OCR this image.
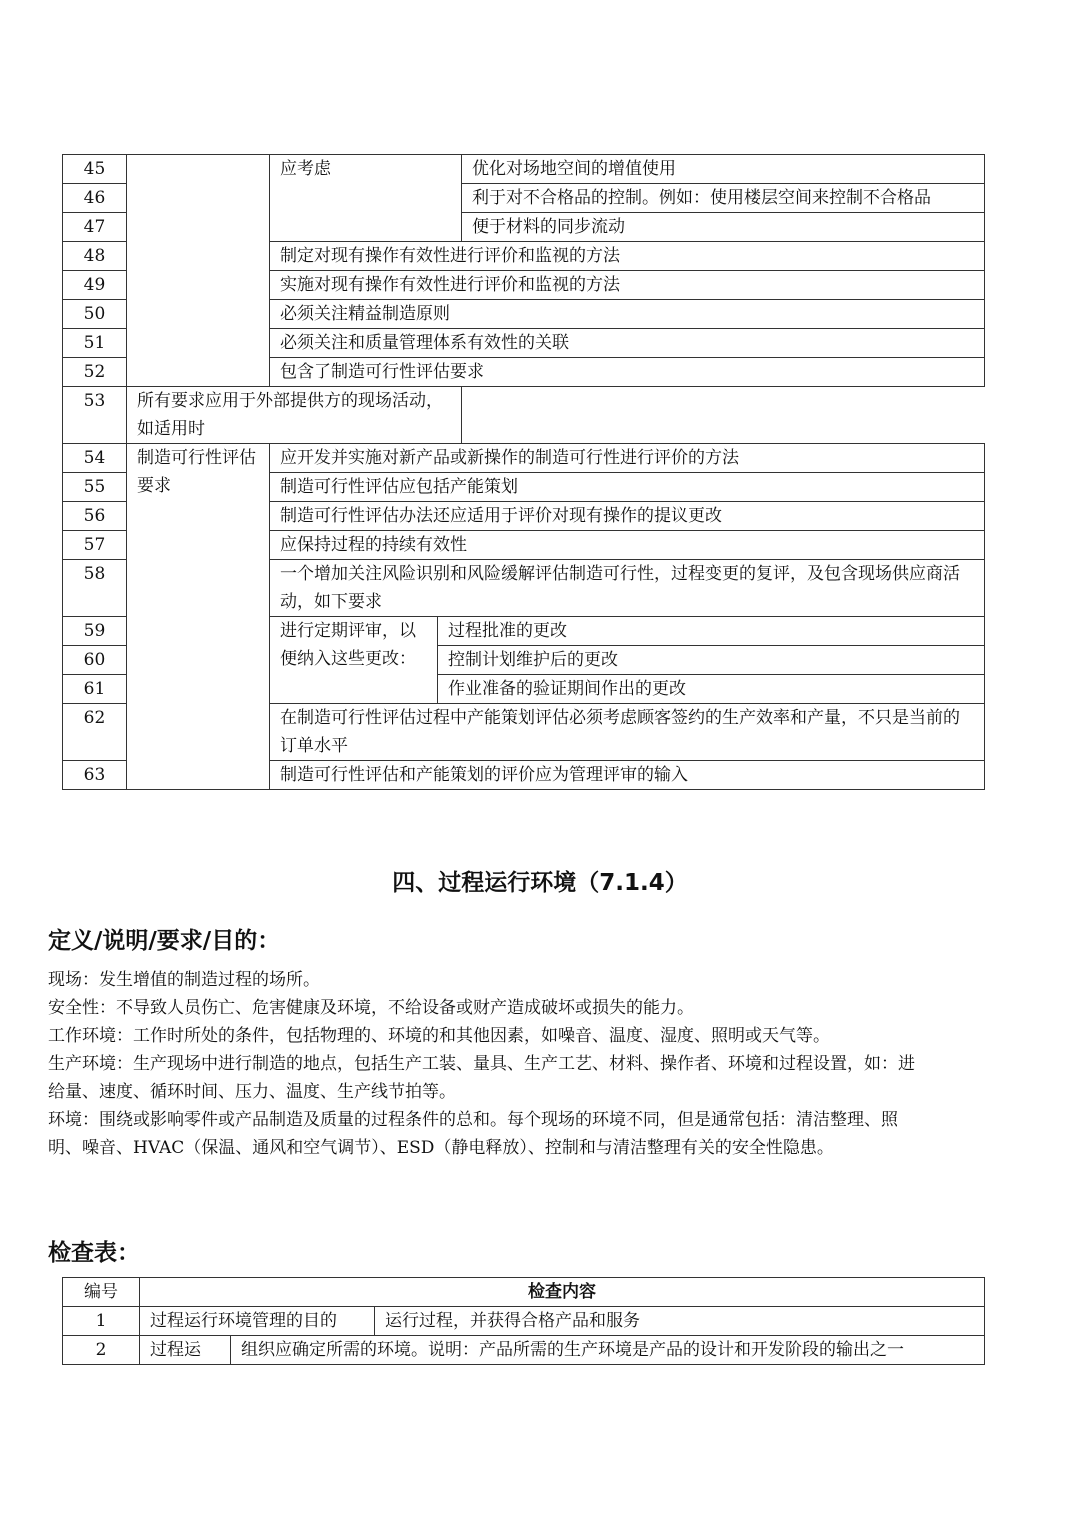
45		应考虑		优化对场地空间的增值使用
46				利于对不合格品的控制。例如：使用楼层空间来控制不合格品

47				便于材料的同步流动
48		制定对现有操作有效性进行评价和监视的方法		
49		实施对现有操作有效性进行评价和监视的方法		
50		必须关注精益制造原则		
51		必须关注和质量管理体系有效性的关联		
52		包含了制造可行性评估要求		
53	所有要求应用于外部提供方的现场活动，如适用时			
54	制造可行性评估要求	应开发并实施对新产品或新操作的制造可行性进行评价的方法		
55		制造可行性评估应包括产能策划		
56		制造可行性评估办法还应适用于评价对现有操作的提议更改		
57		应保持过程的持续有效性		
58		一个增加关注风险识别和风险缓解评估制造可行性，过程变更的复评，及包含现场供应商活动，如下要求		
59		进行定期评审，以便纳入这些更改：	过程批准的更改	
60			控制计划维护后的更改	
61			作业准备的验证期间作出的更改	
62		在制造可行性评估过程中产能策划评估必须考虑顾客签约的生产效率和产量，不只是当前的订单水平		
63		制造可行性评估和产能策划的评价应为管理评审的输入		
四、过程运行环境（7.1.4）
定义/说明/要求/目的：

现场：发生增值的制造过程的场所。

安全性：不导致人员伤亡、危害健康及环境，不给设备或财产造成破坏或损失的能力。

工作环境：工作时所处的条件，包括物理的、环境的和其他因素，如噪音、温度、湿度、照明或天气等。

生产环境：生产现场中进行制造的地点，包括生产工装、量具、生产工艺、材料、操作者、环境和过程设置，如：进给量、速度、循环时间、压力、温度、生产线节拍等。

环境：围绕或影响零件或产品制造及质量的过程条件的总和。每个现场的环境不同，但是通常包括：清洁整理、照明、噪音、HVAC（保温、通风和空气调节）、ESD（静电释放）、控制和与清洁整理有关的安全性隐患。

检查表：
编号	检查内容		
1	过程运行环境管理的目的		运行过程，并获得合格产品和服务
2	过程运	组织应确定所需的环境。说明：产品所需的生产环境是产品的设计和开发阶段的输出之一	
